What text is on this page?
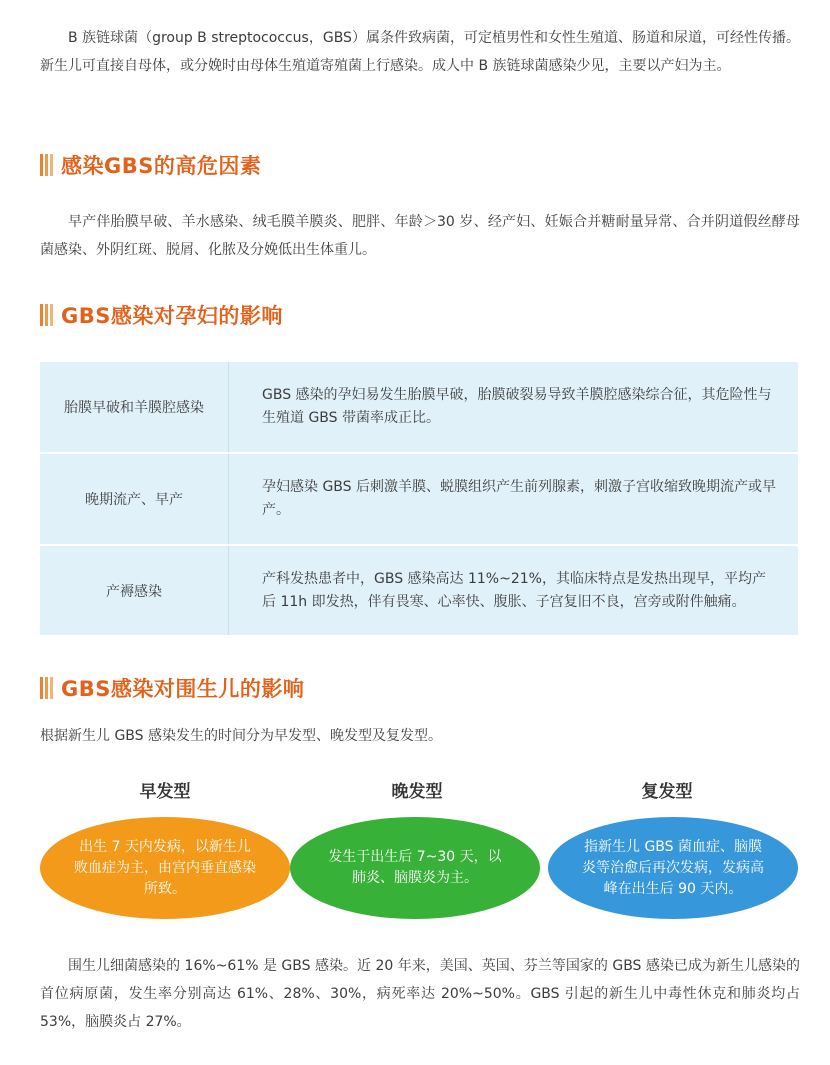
B 族链球菌（group B streptococcus，GBS）属条件致病菌，可定植男性和女性生殖道、肠道和尿道，可经性传播。新生儿可直接自母体，或分娩时由母体生殖道寄殖菌上行感染。成人中 B 族链球菌感染少见，主要以产妇为主。

感染GBS的高危因素

早产伴胎膜早破、羊水感染、绒毛膜羊膜炎、肥胖、年龄＞30 岁、经产妇、妊娠合并糖耐量异常、合并阴道假丝酵母菌感染、外阴红斑、脱屑、化脓及分娩低出生体重儿。

GBS感染对孕妇的影响
胎膜早破和羊膜腔感染
GBS 感染的孕妇易发生胎膜早破，胎膜破裂易导致羊膜腔感染综合征，其危险性与生殖道 GBS 带菌率成正比。
晚期流产、早产
孕妇感染 GBS 后刺激羊膜、蜕膜组织产生前列腺素，刺激子宫收缩致晚期流产或早产。
产褥感染
产科发热患者中，GBS 感染高达 11%~21%，其临床特点是发热出现早，平均产后 11h 即发热，伴有畏寒、心率快、腹胀、子宫复旧不良，宫旁或附件触痛。
GBS感染对围生儿的影响

根据新生儿 GBS 感染发生的时间分为早发型、晚发型及复发型。

早发型	晚发型	复发型
出生 7 天内发病，以新生儿败血症为主，由宫内垂直感染所致。
发生于出生后 7~30 天，以肺炎、脑膜炎为主。
指新生儿 GBS 菌血症、脑膜炎等治愈后再次发病，发病高峰在出生后 90 天内。

围生儿细菌感染的 16%~61% 是 GBS 感染。近 20 年来，美国、英国、芬兰等国家的 GBS 感染已成为新生儿感染的首位病原菌，发生率分别高达 61%、28%、30%，病死率达 20%~50%。GBS 引起的新生儿中毒性休克和肺炎均占 53%，脑膜炎占 27%。
